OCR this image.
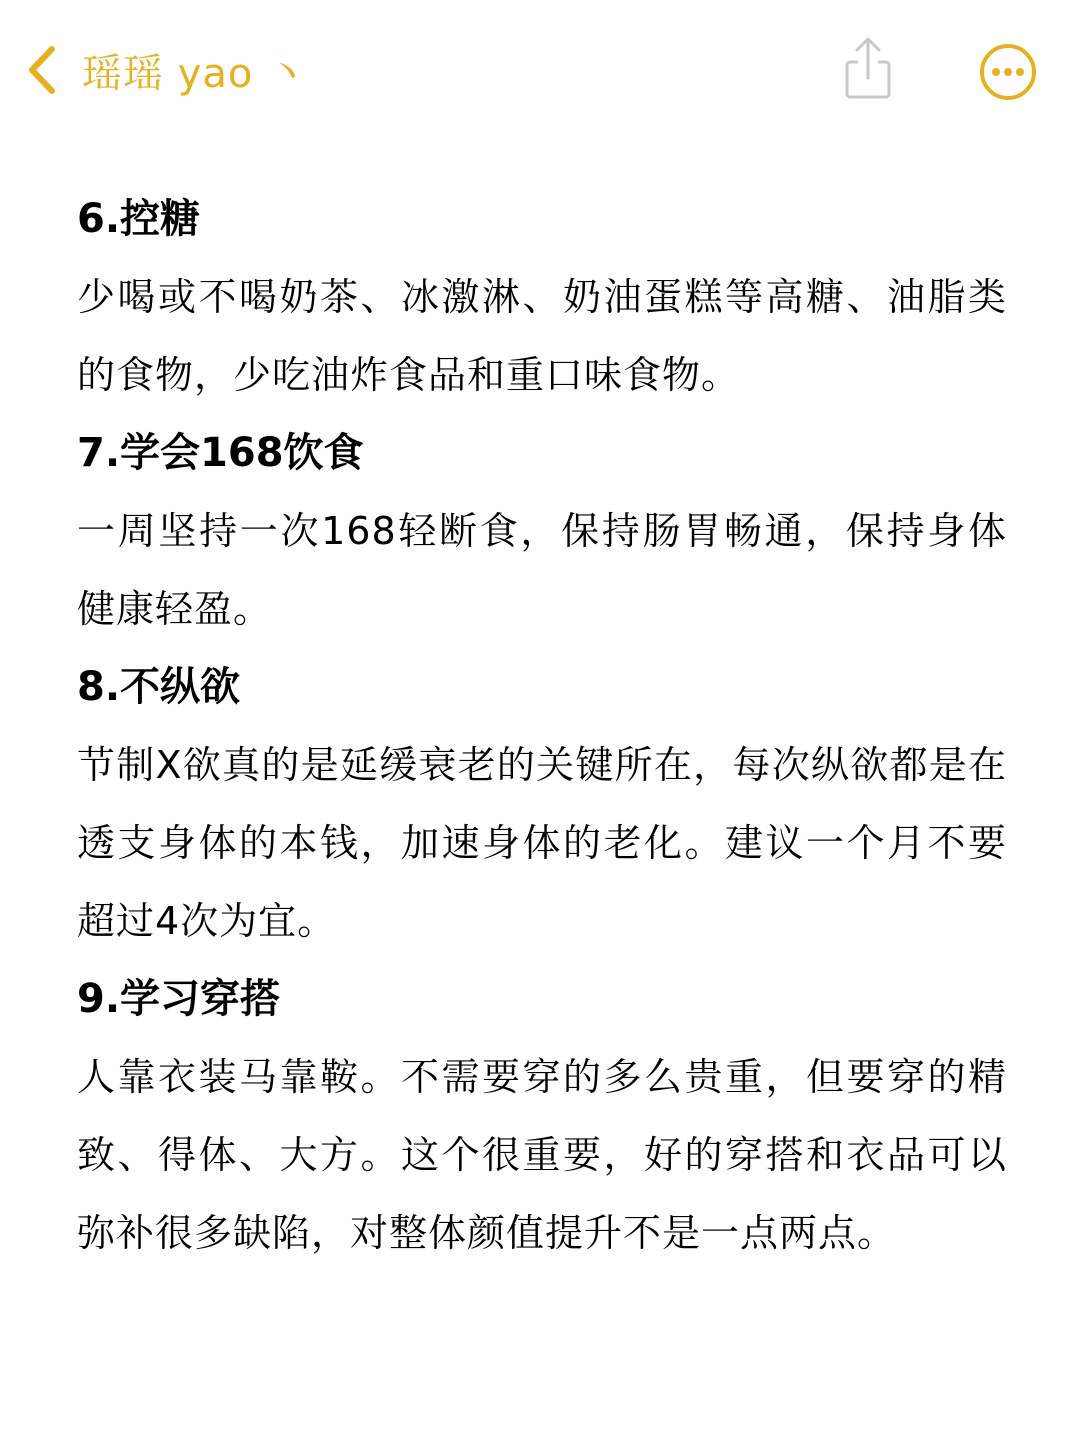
瑶瑶 yao 丶
6.控糖
少喝或不喝奶茶、冰激淋、奶油蛋糕等高糖、油脂类的食物，少吃油炸食品和重口味食物。
7.学会168饮食
一周坚持一次168轻断食，保持肠胃畅通，保持身体健康轻盈。
8.不纵欲
节制X欲真的是延缓衰老的关键所在，每次纵欲都是在透支身体的本钱，加速身体的老化。建议一个月不要超过4次为宜。
9.学习穿搭
人靠衣装马靠鞍。不需要穿的多么贵重，但要穿的精致、得体、大方。这个很重要，好的穿搭和衣品可以弥补很多缺陷，对整体颜值提升不是一点两点。
